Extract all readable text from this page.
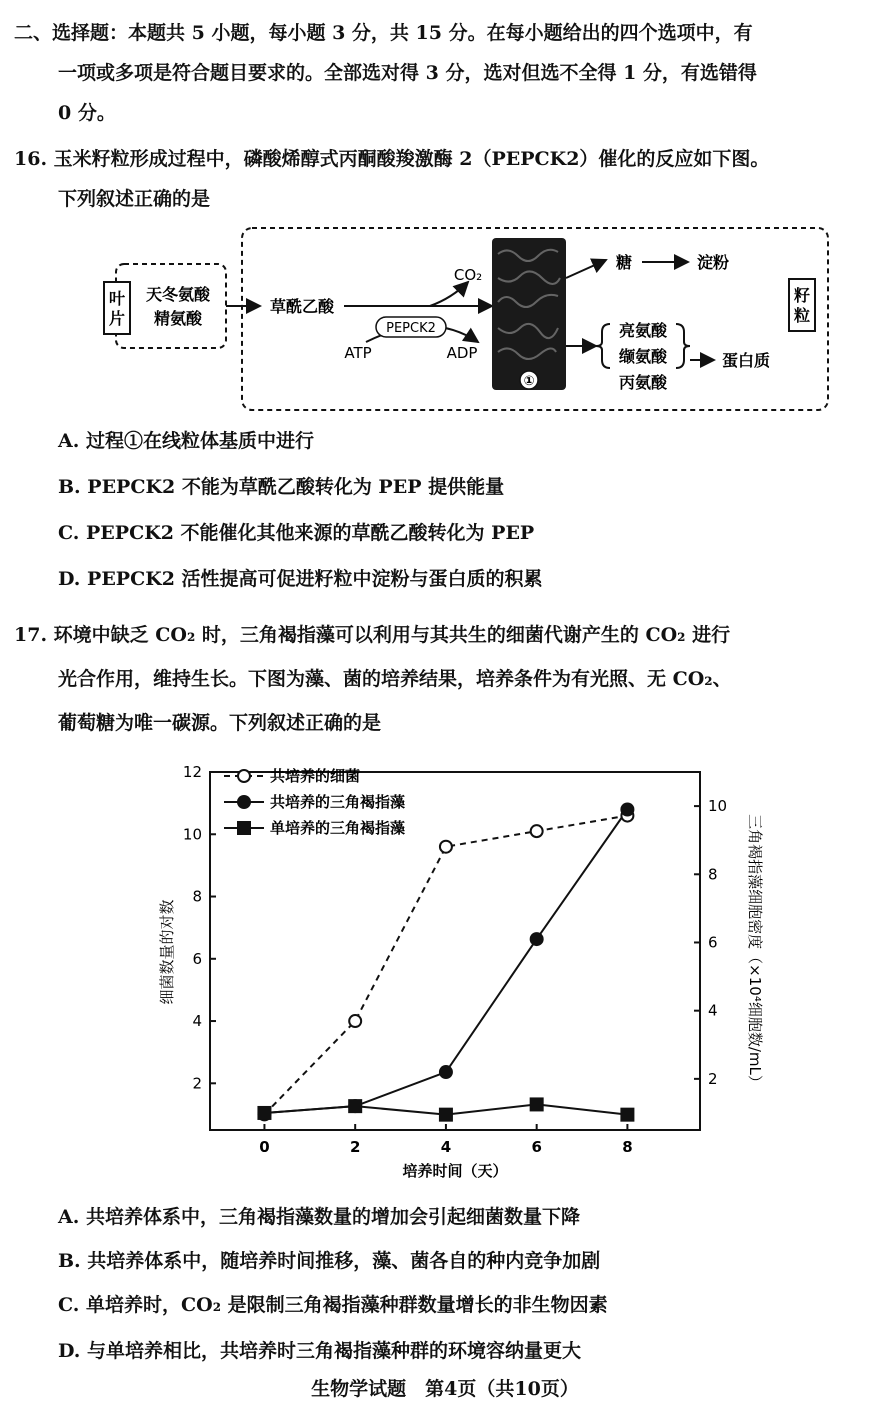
二、选择题：本题共 5 小题，每小题 3 分，共 15 分。在每小题给出的四个选项中，有
一项或多项是符合题目要求的。全部选对得 3 分，选对但选不全得 1 分，有选错得
0 分。
16. 玉米籽粒形成过程中，磷酸烯醇式丙酮酸羧激酶 2（PEPCK2）催化的反应如下图。
下列叙述正确的是
叶
片
天冬氨酸
精氨酸
籽
粒
草酰乙酸
CO₂
PEPCK2
ATP	ADP
①
糖	淀粉
亮氨酸
缬氨酸
丙氨酸
蛋白质
A. 过程①在线粒体基质中进行
B. PEPCK2 不能为草酰乙酸转化为 PEP 提供能量
C. PEPCK2 不能催化其他来源的草酰乙酸转化为 PEP
D. PEPCK2 活性提高可促进籽粒中淀粉与蛋白质的积累
17. 环境中缺乏 CO₂ 时，三角褐指藻可以利用与其共生的细菌代谢产生的 CO₂ 进行
光合作用，维持生长。下图为藻、菌的培养结果，培养条件为有光照、无 CO₂、
葡萄糖为唯一碳源。下列叙述正确的是
细菌数量的对数	三角褐指藻细胞密度（×10⁴细胞数/mL）
培养时间（天）
0	2	4	6	8
2
4
6
8
10
12
2
4
6
8
10
共培养的细菌
共培养的三角褐指藻
单培养的三角褐指藻
A. 共培养体系中，三角褐指藻数量的增加会引起细菌数量下降
B. 共培养体系中，随培养时间推移，藻、菌各自的种内竞争加剧
C. 单培养时，CO₂ 是限制三角褐指藻种群数量增长的非生物因素
D. 与单培养相比，共培养时三角褐指藻种群的环境容纳量更大
生物学试题　第4页（共10页）
